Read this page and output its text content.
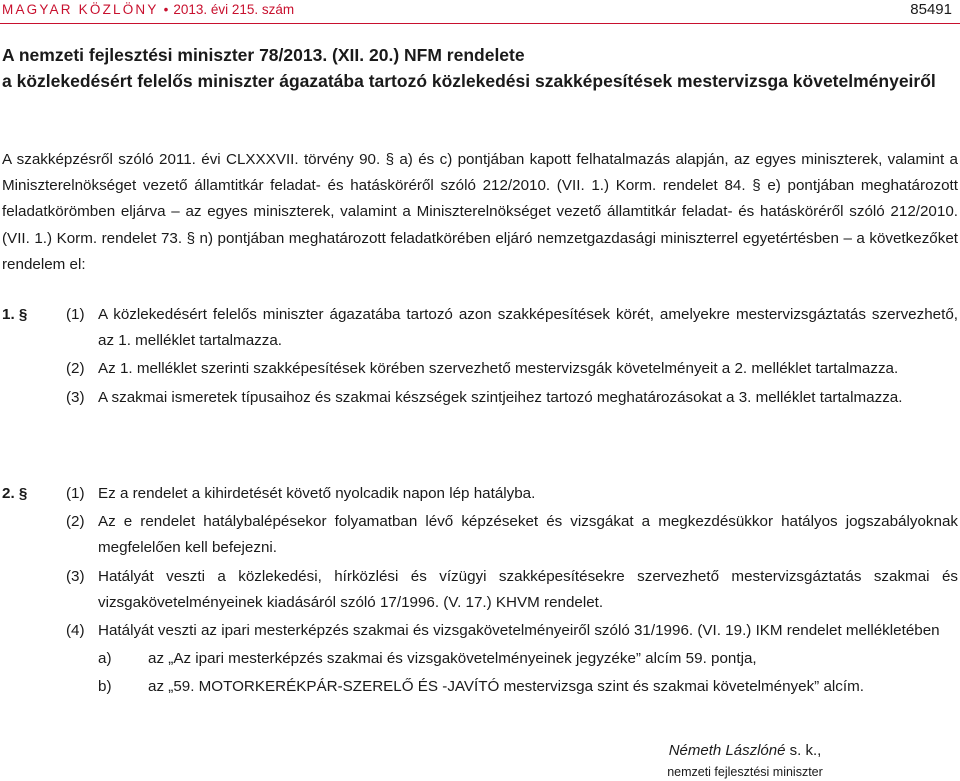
MAGYAR KÖZLÖNY • 2013. évi 215. szám	85491
A nemzeti fejlesztési miniszter 78/2013. (XII. 20.) NFM rendelete
a közlekedésért felelős miniszter ágazatába tartozó közlekedési szakképesítések mestervizsga követelményeiről
A szakképzésről szóló 2011. évi CLXXXVII. törvény 90. § a) és c) pontjában kapott felhatalmazás alapján, az egyes miniszterek, valamint a Miniszterelnökséget vezető államtitkár feladat- és hatásköréről szóló 212/2010. (VII. 1.) Korm. rendelet 84. § e) pontjában meghatározott feladatkörömben eljárva – az egyes miniszterek, valamint a Miniszterelnökséget vezető államtitkár feladat- és hatásköréről szóló 212/2010. (VII. 1.) Korm. rendelet 73. § n) pontjában meghatározott feladatkörében eljáró nemzetgazdasági miniszterrel egyetértésben – a következőket rendelem el:
1. §	(1) A közlekedésért felelős miniszter ágazatába tartozó azon szakképesítések körét, amelyekre mestervizsgáztatás szervezhető, az 1. melléklet tartalmazza.
(2) Az 1. melléklet szerinti szakképesítések körében szervezhető mestervizsgák követelményeit a 2. melléklet tartalmazza.
(3) A szakmai ismeretek típusaihoz és szakmai készségek szintjeihez tartozó meghatározásokat a 3. melléklet tartalmazza.
2. §	(1) Ez a rendelet a kihirdetését követő nyolcadik napon lép hatályba.
(2) Az e rendelet hatálybalépésekor folyamatban lévő képzéseket és vizsgákat a megkezdésükkor hatályos jogszabályoknak megfelelően kell befejezni.
(3) Hatályát veszti a közlekedési, hírközlési és vízügyi szakképesítésekre szervezhető mestervizsgáztatás szakmai és vizsgakövetelményeinek kiadásáról szóló 17/1996. (V. 17.) KHVM rendelet.
(4) Hatályát veszti az ipari mesterképzés szakmai és vizsgakövetelményeiről szóló 31/1996. (VI. 19.) IKM rendelet mellékletében
a) az „Az ipari mesterképzés szakmai és vizsgakövetelményeinek jegyzéke” alcím 59. pontja,
b) az „59. MOTORKERÉKPÁR-SZERELŐ ÉS -JAVÍTÓ mestervizsga szint és szakmai követelmények” alcím.
Németh Lászlóné s. k.,
nemzeti fejlesztési miniszter
